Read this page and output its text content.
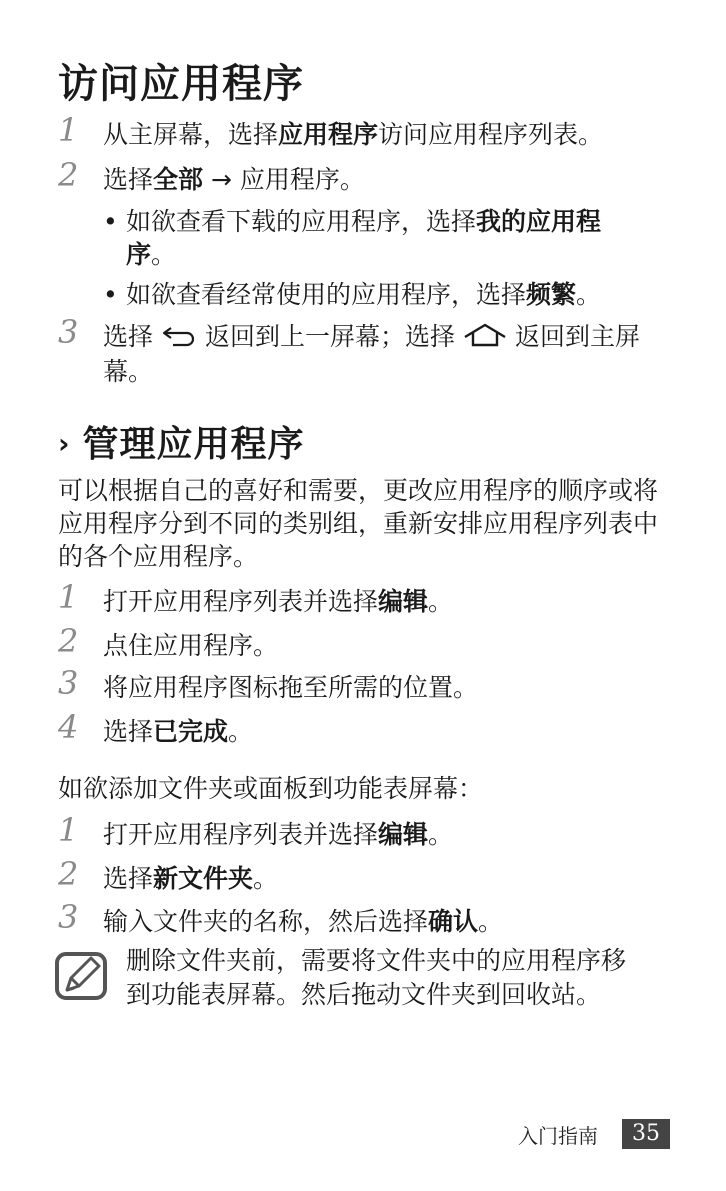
访问应用程序
1 从主屏幕，选择应用程序访问应用程序列表。
2 选择全部 → 应用程序。
• 如欲查看下载的应用程序，选择我的应用程序。
• 如欲查看经常使用的应用程序，选择频繁。
3 选择 返回到上一屏幕；选择 返回到主屏幕。
› 管理应用程序
可以根据自己的喜好和需要，更改应用程序的顺序或将应用程序分到不同的类别组，重新安排应用程序列表中的各个应用程序。
1 打开应用程序列表并选择编辑。
2 点住应用程序。
3 将应用程序图标拖至所需的位置。
4 选择已完成。
如欲添加文件夹或面板到功能表屏幕：
1 打开应用程序列表并选择编辑。
2 选择新文件夹。
3 输入文件夹的名称，然后选择确认。
删除文件夹前，需要将文件夹中的应用程序移到功能表屏幕。然后拖动文件夹到回收站。
入门指南	35
